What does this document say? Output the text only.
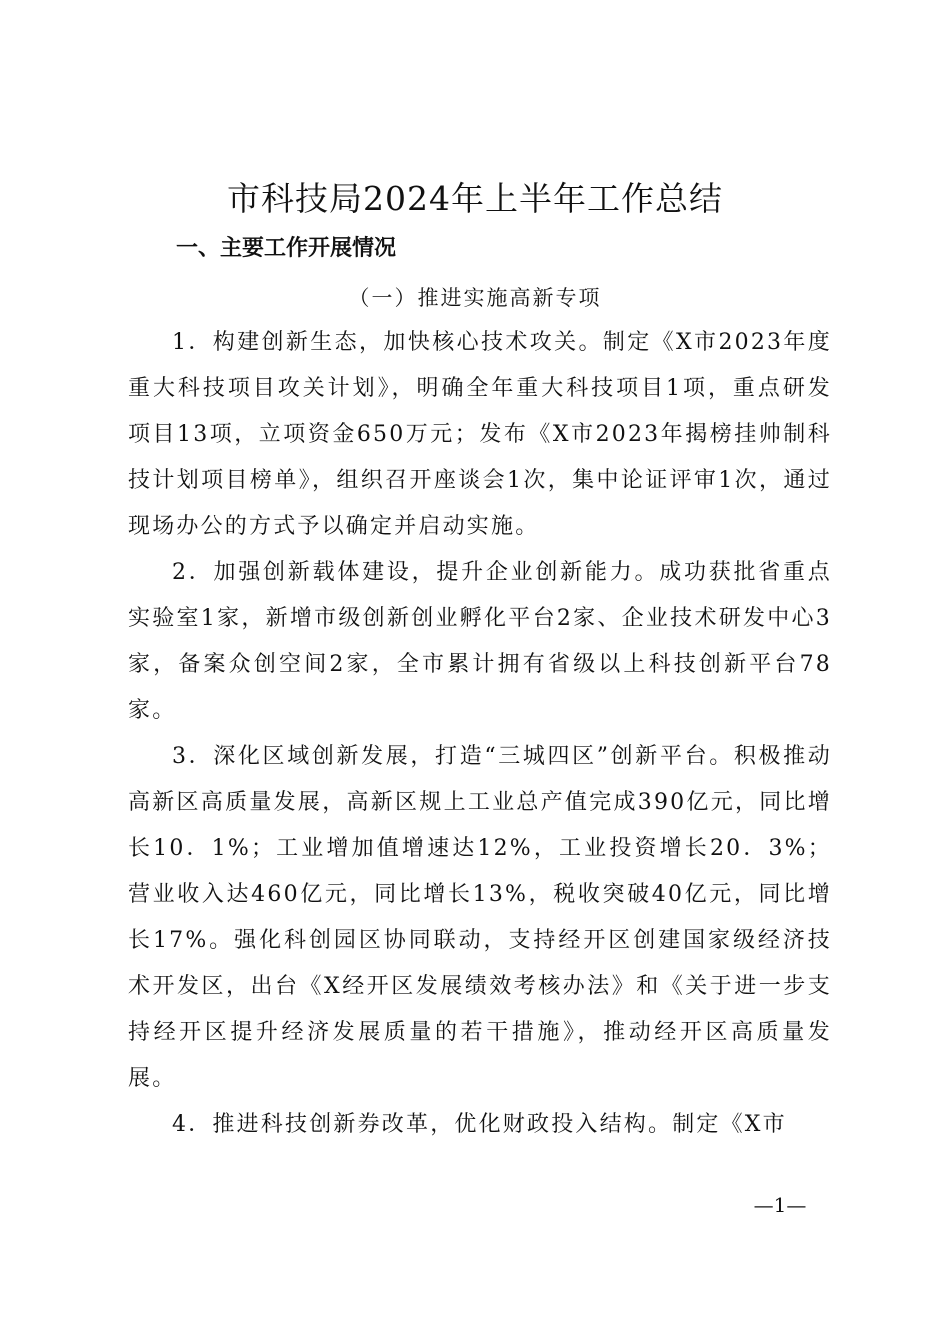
市科技局2024年上半年工作总结
一、主要工作开展情况
（一）推进实施高新专项

1．构建创新生态，加快核心技术攻关。制定《X市2023年度重大科技项目攻关计划》，明确全年重大科技项目1项，重点研发项目13项，立项资金650万元；发布《X市2023年揭榜挂帅制科技计划项目榜单》，组织召开座谈会1次，集中论证评审1次，通过现场办公的方式予以确定并启动实施。

2．加强创新载体建设，提升企业创新能力。成功获批省重点实验室1家，新增市级创新创业孵化平台2家、企业技术研发中心3家，备案众创空间2家，全市累计拥有省级以上科技创新平台78家。

3．深化区域创新发展，打造“三城四区”创新平台。积极推动高新区高质量发展，高新区规上工业总产值完成390亿元，同比增长10．1%；工业增加值增速达12%，工业投资增长20．3%；营业收入达460亿元，同比增长13%，税收突破40亿元，同比增长17%。强化科创园区协同联动，支持经开区创建国家级经济技术开发区，出台《X经开区发展绩效考核办法》和《关于进一步支持经开区提升经济发展质量的若干措施》，推动经开区高质量发展。

4．推进科技创新券改革，优化财政投入结构。制定《X市

—1—
